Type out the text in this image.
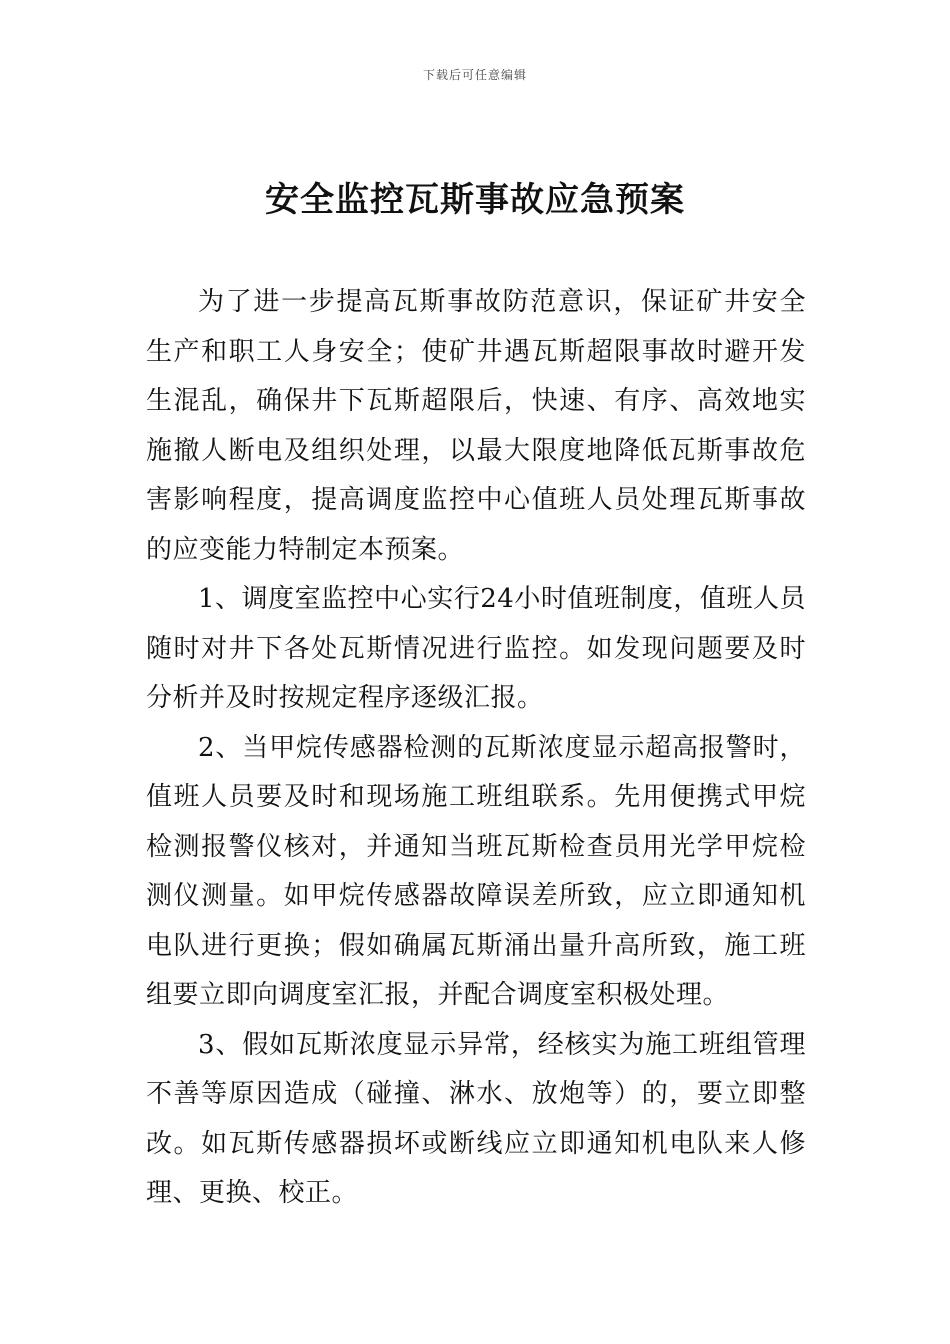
下载后可任意编辑
安全监控瓦斯事故应急预案

为了进一步提高瓦斯事故防范意识，保证矿井安全生产和职工人身安全；使矿井遇瓦斯超限事故时避开发生混乱，确保井下瓦斯超限后，快速、有序、高效地实施撤人断电及组织处理，以最大限度地降低瓦斯事故危害影响程度，提高调度监控中心值班人员处理瓦斯事故的应变能力特制定本预案。

1、调度室监控中心实行24小时值班制度，值班人员随时对井下各处瓦斯情况进行监控。如发现问题要及时分析并及时按规定程序逐级汇报。

2、当甲烷传感器检测的瓦斯浓度显示超高报警时，值班人员要及时和现场施工班组联系。先用便携式甲烷检测报警仪核对，并通知当班瓦斯检查员用光学甲烷检测仪测量。如甲烷传感器故障误差所致，应立即通知机电队进行更换；假如确属瓦斯涌出量升高所致，施工班组要立即向调度室汇报，并配合调度室积极处理。

3、假如瓦斯浓度显示异常，经核实为施工班组管理不善等原因造成（碰撞、淋水、放炮等）的，要立即整改。如瓦斯传感器损坏或断线应立即通知机电队来人修理、更换、校正。
